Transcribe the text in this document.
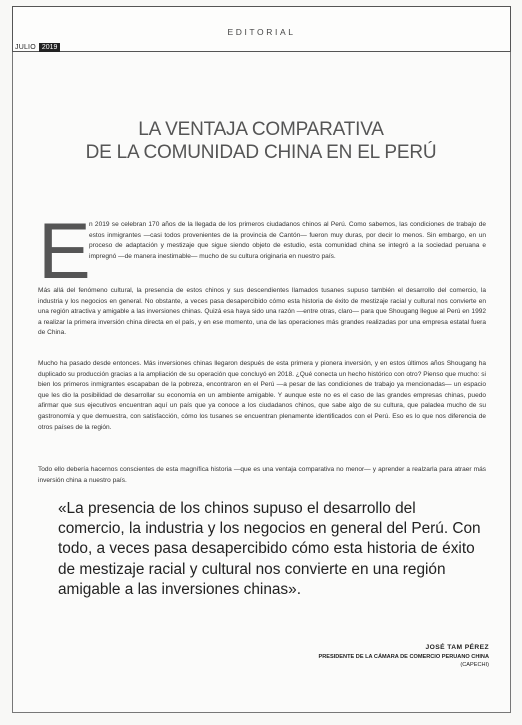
EDITORIAL
JULIO 2019
LA VENTAJA COMPARATIVA
DE LA COMUNIDAD CHINA EN EL PERÚ
E

n 2019 se celebran 170 años de la llegada de los primeros ciudadanos chinos al Perú. Como sabemos, las condiciones de trabajo de estos inmigrantes —casi todos provenientes de la provincia de Cantón— fueron muy duras, por decir lo menos. Sin embargo, en un proceso de adaptación y mestizaje que sigue siendo objeto de estudio, esta comunidad china se integró a la sociedad peruana e impregnó —de manera inestimable— mucho de su cultura originaria en nuestro país.

Más allá del fenómeno cultural, la presencia de estos chinos y sus descendientes llamados tusanes supuso también el desarrollo del comercio, la industria y los negocios en general. No obstante, a veces pasa desapercibido cómo esta historia de éxito de mestizaje racial y cultural nos convierte en una región atractiva y amigable a las inversiones chinas. Quizá esa haya sido una razón —entre otras, claro— para que Shougang llegue al Perú en 1992 a realizar la primera inversión china directa en el país, y en ese momento, una de las operaciones más grandes realizadas por una empresa estatal fuera de China.

Mucho ha pasado desde entonces. Más inversiones chinas llegaron después de esta primera y pionera inversión, y en estos últimos años Shougang ha duplicado su producción gracias a la ampliación de su operación que concluyó en 2018. ¿Qué conecta un hecho histórico con otro? Pienso que mucho: si bien los primeros inmigrantes escapaban de la pobreza, encontraron en el Perú —a pesar de las condiciones de trabajo ya mencionadas— un espacio que les dio la posibilidad de desarrollar su economía en un ambiente amigable. Y aunque este no es el caso de las grandes empresas chinas, puedo afirmar que sus ejecutivos encuentran aquí un país que ya conoce a los ciudadanos chinos, que sabe algo de su cultura, que paladea mucho de su gastronomía y que demuestra, con satisfacción, cómo los tusanes se encuentran plenamente identificados con el Perú. Eso es lo que nos diferencia de otros países de la región.

Todo ello debería hacernos conscientes de esta magnífica historia —que es una ventaja comparativa no menor— y aprender a realzarla para atraer más inversión china a nuestro país.

«La presencia de los chinos supuso el desarrollo del comercio, la industria y los negocios en general del Perú. Con todo, a veces pasa desapercibido cómo esta historia de éxito de mestizaje racial y cultural nos convierte en una región amigable a las inversiones chinas».
JOSÉ TAM PÉREZ
PRESIDENTE DE LA CÁMARA DE COMERCIO PERUANO CHINA
(CAPECHI)
